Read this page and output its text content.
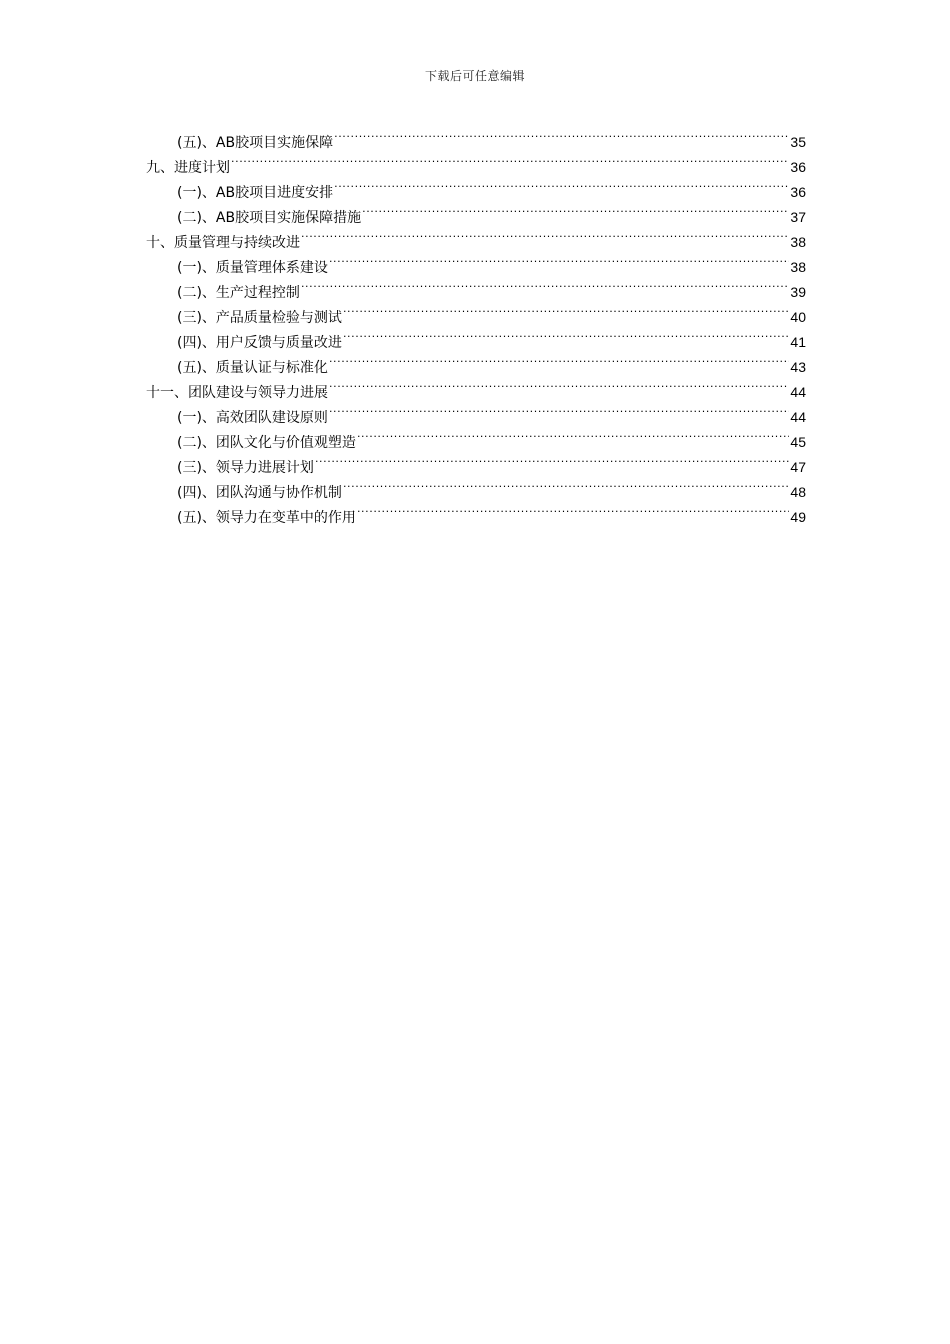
下载后可任意编辑
(五)、AB胶项目实施保障 .....	35
九、进度计划 .....	36
(一)、AB胶项目进度安排 .....	36
(二)、AB胶项目实施保障措施 .....	37
十、质量管理与持续改进 .....	38
(一)、质量管理体系建设 .....	38
(二)、生产过程控制 .....	39
(三)、产品质量检验与测试 .....	40
(四)、用户反馈与质量改进 .....	41
(五)、质量认证与标准化 .....	43
十一、团队建设与领导力进展 .....	44
(一)、高效团队建设原则 .....	44
(二)、团队文化与价值观塑造 .....	45
(三)、领导力进展计划 .....	47
(四)、团队沟通与协作机制 .....	48
(五)、领导力在变革中的作用 .....	49
